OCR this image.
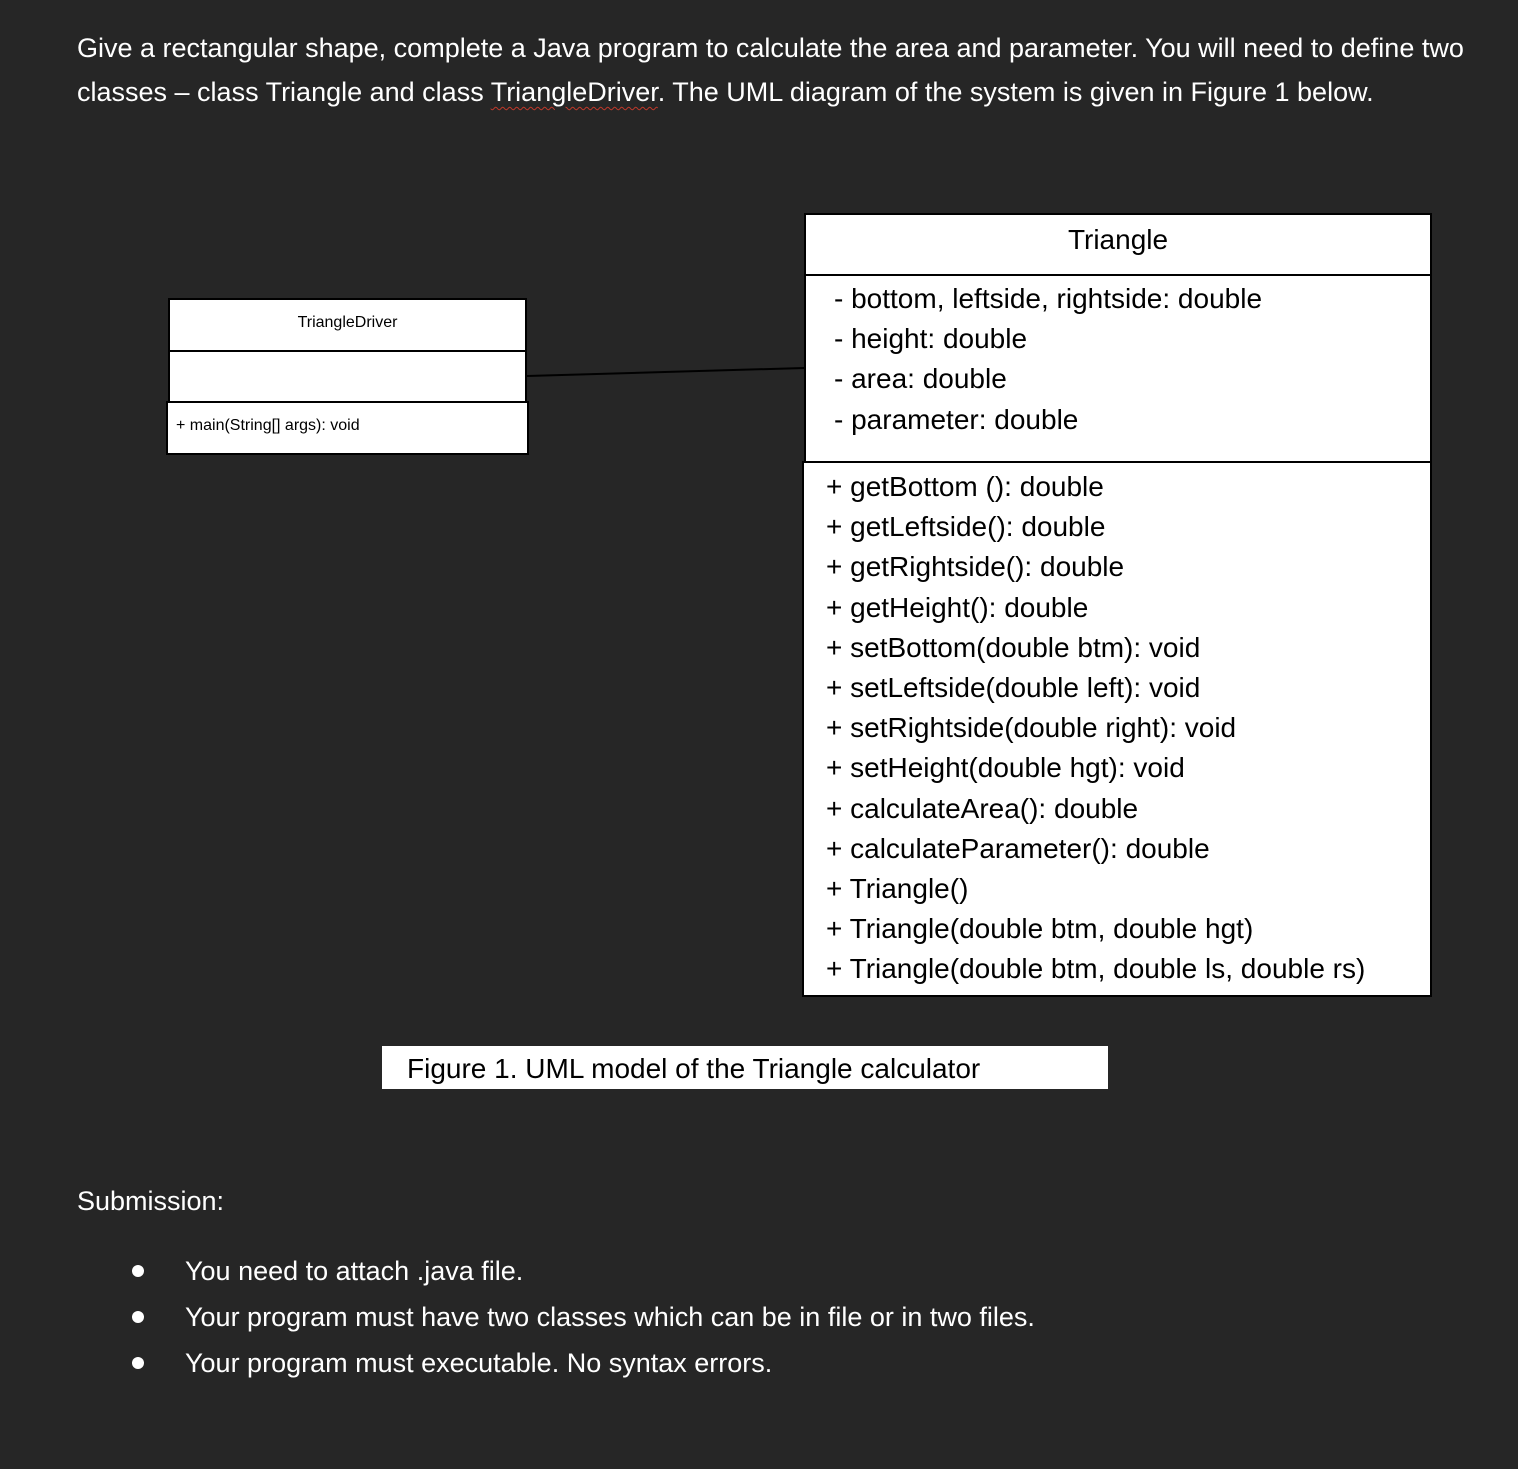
Give a rectangular shape, complete a Java program to calculate the area and parameter. You will need to define two classes – class Triangle and class TriangleDriver. The UML diagram of the system is given in Figure 1 below.

TriangleDriver
+ main(String[] args): void
Triangle
- bottom, leftside, rightside: double
- height: double
- area: double
- parameter: double
+ getBottom (): double
+ getLeftside(): double
+ getRightside(): double
+ getHeight(): double
+ setBottom(double btm): void
+ setLeftside(double left): void
+ setRightside(double right): void
+ setHeight(double hgt): void
+ calculateArea(): double
+ calculateParameter(): double
+ Triangle()
+ Triangle(double btm, double hgt)
+ Triangle(double btm, double ls, double rs)
Figure 1. UML model of the Triangle calculator

Submission:

You need to attach .java file.
Your program must have two classes which can be in file or in two files.
Your program must executable. No syntax errors.
